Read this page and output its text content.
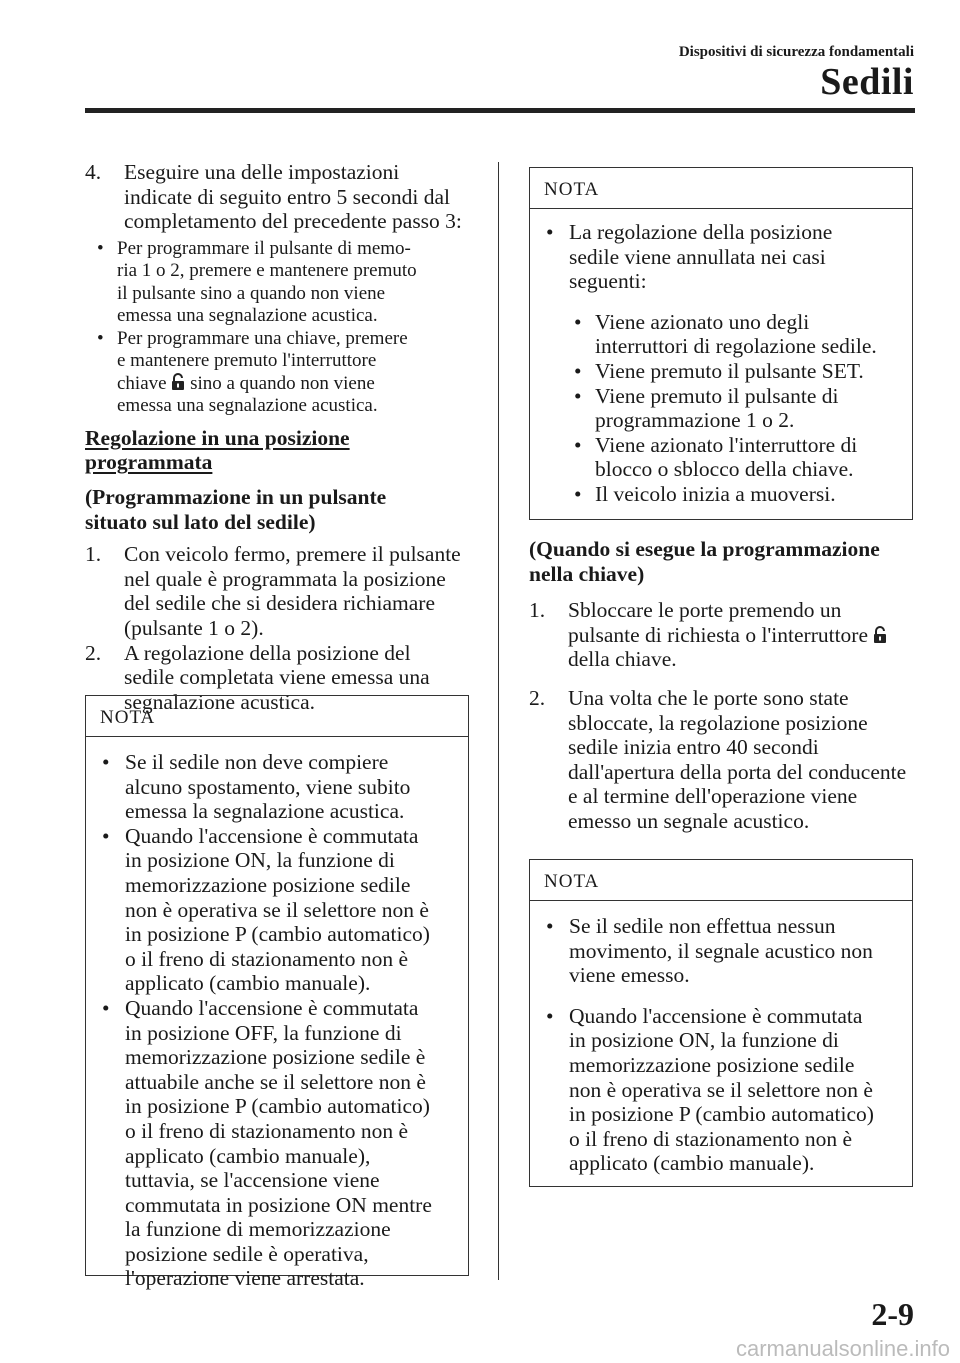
Dispositivi di sicurezza fondamentali
Sedili
4. Eseguire una delle impostazioni

indicate di seguito entro 5 secondi dal

completamento del precedente passo 3:

• Per programmare il pulsante di memo-

ria 1 o 2, premere e mantenere premuto

il pulsante sino a quando non viene

emessa una segnalazione acustica.

• Per programmare una chiave, premere

e mantenere premuto l'interruttore

chiave sino a quando non viene

emessa una segnalazione acustica.

Regolazione in una posizione

programmata

(Programmazione in un pulsante

situato sul lato del sedile)

1. Con veicolo fermo, premere il pulsante

nel quale è programmata la posizione

del sedile che si desidera richiamare

(pulsante 1 o 2).

2. A regolazione della posizione del

sedile completata viene emessa una

segnalazione acustica.

NOTA
• Se il sedile non deve compiere

alcuno spostamento, viene subito

emessa la segnalazione acustica.

• Quando l'accensione è commutata

in posizione ON, la funzione di

memorizzazione posizione sedile

non è operativa se il selettore non è

in posizione P (cambio automatico)

o il freno di stazionamento non è

applicato (cambio manuale).

• Quando l'accensione è commutata

in posizione OFF, la funzione di

memorizzazione posizione sedile è

attuabile anche se il selettore non è

in posizione P (cambio automatico)

o il freno di stazionamento non è

applicato (cambio manuale),

tuttavia, se l'accensione viene

commutata in posizione ON mentre

la funzione di memorizzazione

posizione sedile è operativa,

l'operazione viene arrestata.

NOTA
• La regolazione della posizione

sedile viene annullata nei casi

seguenti:

• Viene azionato uno degli

interruttori di regolazione sedile.

• Viene premuto il pulsante SET.

• Viene premuto il pulsante di

programmazione 1 o 2.

• Viene azionato l'interruttore di

blocco o sblocco della chiave.

• Il veicolo inizia a muoversi.

(Quando si esegue la programmazione

nella chiave)

1. Sbloccare le porte premendo un

pulsante di richiesta o l'interruttore

della chiave.

2. Una volta che le porte sono state

sbloccate, la regolazione posizione

sedile inizia entro 40 secondi

dall'apertura della porta del conducente

e al termine dell'operazione viene

emesso un segnale acustico.

NOTA
• Se il sedile non effettua nessun

movimento, il segnale acustico non

viene emesso.

• Quando l'accensione è commutata

in posizione ON, la funzione di

memorizzazione posizione sedile

non è operativa se il selettore non è

in posizione P (cambio automatico)

o il freno di stazionamento non è

applicato (cambio manuale).

2-9
carmanualsonline.info
